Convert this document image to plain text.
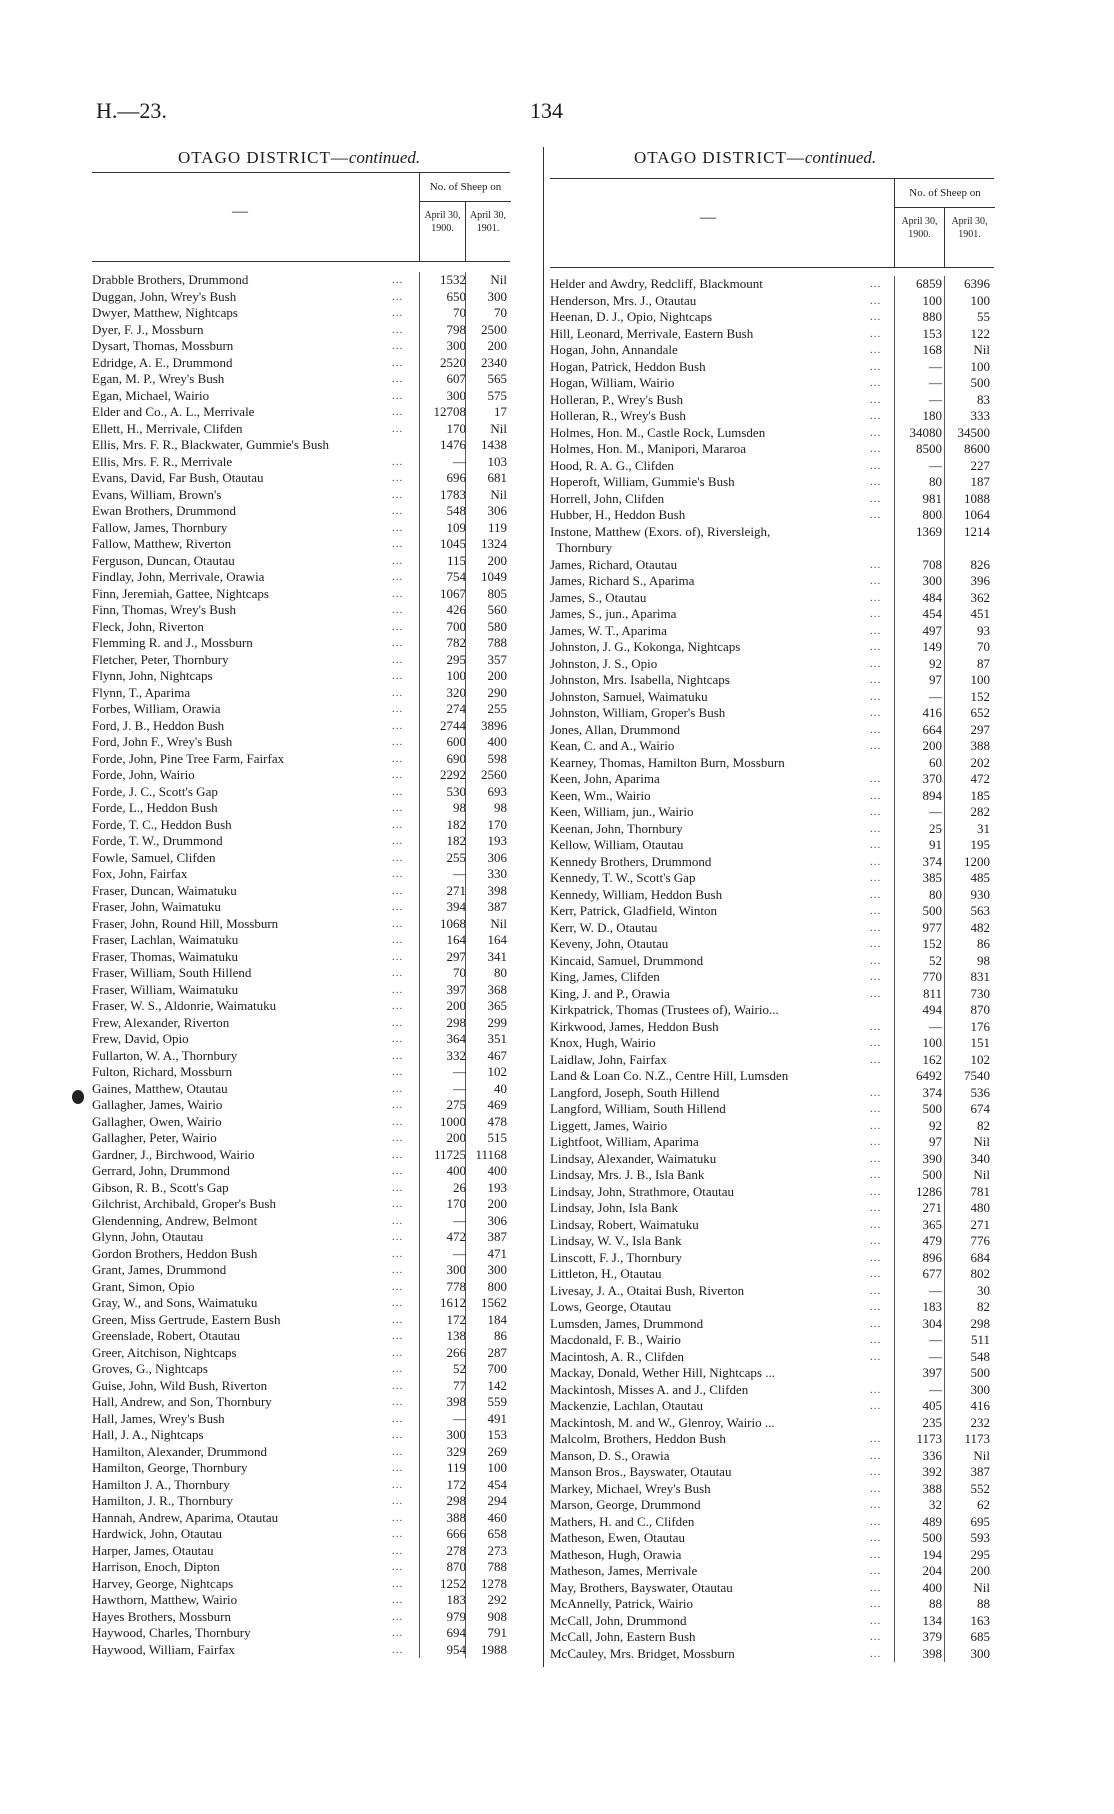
H.—23.	134
OTAGO DISTRICT—continued.	OTAGO DISTRICT—continued.
—
No. of Sheep on
April 30, 1900.
April 30, 1901.
Drabble Brothers, Drummond	...	1532	Nil
Duggan, John, Wrey's Bush	...	650	300
Dwyer, Matthew, Nightcaps	...	70	70
Dyer, F. J., Mossburn	...	798	2500
Dysart, Thomas, Mossburn	...	300	200
Edridge, A. E., Drummond	...	2520	2340
Egan, M. P., Wrey's Bush	...	607	565
Egan, Michael, Wairio	...	300	575
Elder and Co., A. L., Merrivale	...	12708	17
Ellett, H., Merrivale, Clifden	...	170	Nil
Ellis, Mrs. F. R., Blackwater, Gummie's Bush	1476	1438
Ellis, Mrs. F. R., Merrivale	...	—	103
Evans, David, Far Bush, Otautau	...	696	681
Evans, William, Brown's	...	1783	Nil
Ewan Brothers, Drummond	...	548	306
Fallow, James, Thornbury	...	109	119
Fallow, Matthew, Riverton	...	1045	1324
Ferguson, Duncan, Otautau	...	115	200
Findlay, John, Merrivale, Orawia	...	754	1049
Finn, Jeremiah, Gattee, Nightcaps	...	1067	805
Finn, Thomas, Wrey's Bush	...	426	560
Fleck, John, Riverton	...	700	580
Flemming R. and J., Mossburn	...	782	788
Fletcher, Peter, Thornbury	...	295	357
Flynn, John, Nightcaps	...	100	200
Flynn, T., Aparima	...	320	290
Forbes, William, Orawia	...	274	255
Ford, J. B., Heddon Bush	...	2744	3896
Ford, John F., Wrey's Bush	...	600	400
Forde, John, Pine Tree Farm, Fairfax	...	690	598
Forde, John, Wairio	...	2292	2560
Forde, J. C., Scott's Gap	...	530	693
Forde, L., Heddon Bush	...	98	98
Forde, T. C., Heddon Bush	...	182	170
Forde, T. W., Drummond	...	182	193
Fowle, Samuel, Clifden	...	255	306
Fox, John, Fairfax	...	—	330
Fraser, Duncan, Waimatuku	...	271	398
Fraser, John, Waimatuku	...	394	387
Fraser, John, Round Hill, Mossburn	...	1068	Nil
Fraser, Lachlan, Waimatuku	...	164	164
Fraser, Thomas, Waimatuku	...	297	341
Fraser, William, South Hillend	...	70	80
Fraser, William, Waimatuku	...	397	368
Fraser, W. S., Aldonrie, Waimatuku	...	200	365
Frew, Alexander, Riverton	...	298	299
Frew, David, Opio	...	364	351
Fullarton, W. A., Thornbury	...	332	467
Fulton, Richard, Mossburn	...	—	102
Gaines, Matthew, Otautau	...	—	40
Gallagher, James, Wairio	...	275	469
Gallagher, Owen, Wairio	...	1000	478
Gallagher, Peter, Wairio	...	200	515
Gardner, J., Birchwood, Wairio	...	11725 11168
Gerrard, John, Drummond	...	400	400
Gibson, R. B., Scott's Gap	...	26	193
Gilchrist, Archibald, Groper's Bush	...	170	200
Glendenning, Andrew, Belmont	...	—	306
Glynn, John, Otautau	...	472	387
Gordon Brothers, Heddon Bush	...	—	471
Grant, James, Drummond	...	300	300
Grant, Simon, Opio	...	778	800
Gray, W., and Sons, Waimatuku	...	1612	1562
Green, Miss Gertrude, Eastern Bush	...	172	184
Greenslade, Robert, Otautau	...	138	86
Greer, Aitchison, Nightcaps	...	266	287
Groves, G., Nightcaps	...	52	700
Guise, John, Wild Bush, Riverton	...	77	142
Hall, Andrew, and Son, Thornbury	...	398	559
Hall, James, Wrey's Bush	...	—	491
Hall, J. A., Nightcaps	...	300	153
Hamilton, Alexander, Drummond	...	329	269
Hamilton, George, Thornbury	...	119	100
Hamilton J. A., Thornbury	...	172	454
Hamilton, J. R., Thornbury	...	298	294
Hannah, Andrew, Aparima, Otautau	...	388	460
Hardwick, John, Otautau	...	666	658
Harper, James, Otautau	...	278	273
Harrison, Enoch, Dipton	...	870	788
Harvey, George, Nightcaps	...	1252	1278
Hawthorn, Matthew, Wairio	...	183	292
Hayes Brothers, Mossburn	...	979	908
Haywood, Charles, Thornbury	...	694	791
Haywood, William, Fairfax	...	954	1988
—
No. of Sheep on
April 30, 1900.
April 30, 1901.
Helder and Awdry, Redcliff, Blackmount	...	6859	6396
Henderson, Mrs. J., Otautau	...	100	100
Heenan, D. J., Opio, Nightcaps	...	880	55
Hill, Leonard, Merrivale, Eastern Bush	...	153	122
Hogan, John, Annandale	...	168	Nil
Hogan, Patrick, Heddon Bush	...	—	100
Hogan, William, Wairio	...	—	500
Holleran, P., Wrey's Bush	...	—	83
Holleran, R., Wrey's Bush	...	180	333
Holmes, Hon. M., Castle Rock, Lumsden	...	34080	34500
Holmes, Hon. M., Manipori, Mararoa	...	8500	8600
Hood, R. A. G., Clifden	...	—	227
Hoperoft, William, Gummie's Bush	...	80	187
Horrell, John, Clifden	...	981	1088
Hubber, H., Heddon Bush	...	800	1064
Instone, Matthew (Exors. of), Riversleigh,
Thornbury
1369	1214
James, Richard, Otautau	...	708	826
James, Richard S., Aparima	...	300	396
James, S., Otautau	...	484	362
James, S., jun., Aparima	...	454	451
James, W. T., Aparima	...	497	93
Johnston, J. G., Kokonga, Nightcaps	...	149	70
Johnston, J. S., Opio	...	92	87
Johnston, Mrs. Isabella, Nightcaps	...	97	100
Johnston, Samuel, Waimatuku	...	—	152
Johnston, William, Groper's Bush	...	416	652
Jones, Allan, Drummond	...	664	297
Kean, C. and A., Wairio	...	200	388
Kearney, Thomas, Hamilton Burn, Mossburn	60	202
Keen, John, Aparima	...	370	472
Keen, Wm., Wairio	...	894	185
Keen, William, jun., Wairio	...	—	282
Keenan, John, Thornbury	...	25	31
Kellow, William, Otautau	...	91	195
Kennedy Brothers, Drummond	...	374	1200
Kennedy, T. W., Scott's Gap	...	385	485
Kennedy, William, Heddon Bush	...	80	930
Kerr, Patrick, Gladfield, Winton	...	500	563
Kerr, W. D., Otautau	...	977	482
Keveny, John, Otautau	...	152	86
Kincaid, Samuel, Drummond	...	52	98
King, James, Clifden	...	770	831
King, J. and P., Orawia	...	811	730
Kirkpatrick, Thomas (Trustees of), Wairio...	494	870
Kirkwood, James, Heddon Bush	...	—	176
Knox, Hugh, Wairio	...	100	151
Laidlaw, John, Fairfax	...	162	102
Land & Loan Co. N.Z., Centre Hill, Lumsden	6492	7540
Langford, Joseph, South Hillend	...	374	536
Langford, William, South Hillend	...	500	674
Liggett, James, Wairio	...	92	82
Lightfoot, William, Aparima	...	97	Nil
Lindsay, Alexander, Waimatuku	...	390	340
Lindsay, Mrs. J. B., Isla Bank	...	500	Nil
Lindsay, John, Strathmore, Otautau	...	1286	781
Lindsay, John, Isla Bank	...	271	480
Lindsay, Robert, Waimatuku	...	365	271
Lindsay, W. V., Isla Bank	...	479	776
Linscott, F. J., Thornbury	...	896	684
Littleton, H., Otautau	...	677	802
Livesay, J. A., Otaitai Bush, Riverton	...	—	30
Lows, George, Otautau	...	183	82
Lumsden, James, Drummond	...	304	298
Macdonald, F. B., Wairio	...	—	511
Macintosh, A. R., Clifden	...	—	548
Mackay, Donald, Wether Hill, Nightcaps ...	397	500
Mackintosh, Misses A. and J., Clifden	...	—	300
Mackenzie, Lachlan, Otautau	...	405	416
Mackintosh, M. and W., Glenroy, Wairio ...	235	232
Malcolm, Brothers, Heddon Bush	...	1173	1173
Manson, D. S., Orawia	...	336	Nil
Manson Bros., Bayswater, Otautau	...	392	387
Markey, Michael, Wrey's Bush	...	388	552
Marson, George, Drummond	...	32	62
Mathers, H. and C., Clifden	...	489	695
Matheson, Ewen, Otautau	...	500	593
Matheson, Hugh, Orawia	...	194	295
Matheson, James, Merrivale	...	204	200
May, Brothers, Bayswater, Otautau	...	400	Nil
McAnnelly, Patrick, Wairio	...	88	88
McCall, John, Drummond	...	134	163
McCall, John, Eastern Bush	...	379	685
McCauley, Mrs. Bridget, Mossburn	...	398	300
